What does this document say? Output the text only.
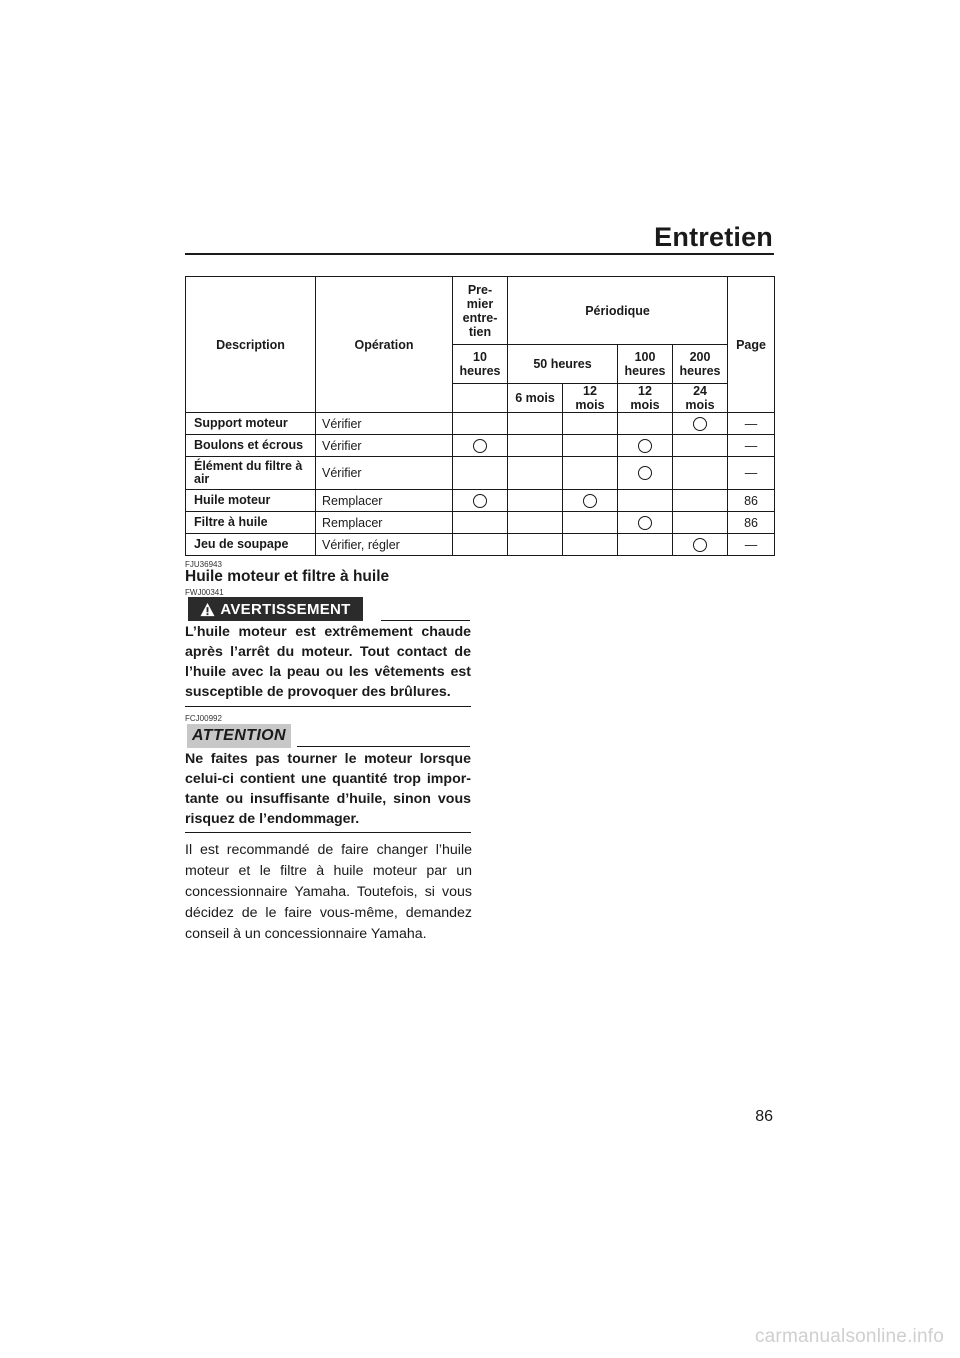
Entretien
Description	Opération	Pre-mier entre-tien	Périodique				Page
		10 heures	50 heures		100 heures	200 heures	
			6 mois	12 mois	12 mois	24 mois	
Support moteur	Vérifier						—
Boulons et écrous	Vérifier						—
Élément du filtre à air	Vérifier						—
Huile moteur	Remplacer						86
Filtre à huile	Remplacer						86
Jeu de soupape	Vérifier, régler						—
FJU36943
Huile moteur et filtre à huile
FWJ00341
AVERTISSEMENT
L’huile moteur est extrêmement chaude après l’arrêt du moteur. Tout contact de l’huile avec la peau ou les vêtements est susceptible de provoquer des brûlures.
FCJ00992
ATTENTION
Ne faites pas tourner le moteur lorsque celui-ci contient une quantité trop impor-tante ou insuffisante d’huile, sinon vous risquez de l’endommager.
Il est recommandé de faire changer l’huile moteur et le filtre à huile moteur par un concessionnaire Yamaha. Toutefois, si vous décidez de le faire vous-même, demandez conseil à un concessionnaire Yamaha.
86
carmanualsonline.info
